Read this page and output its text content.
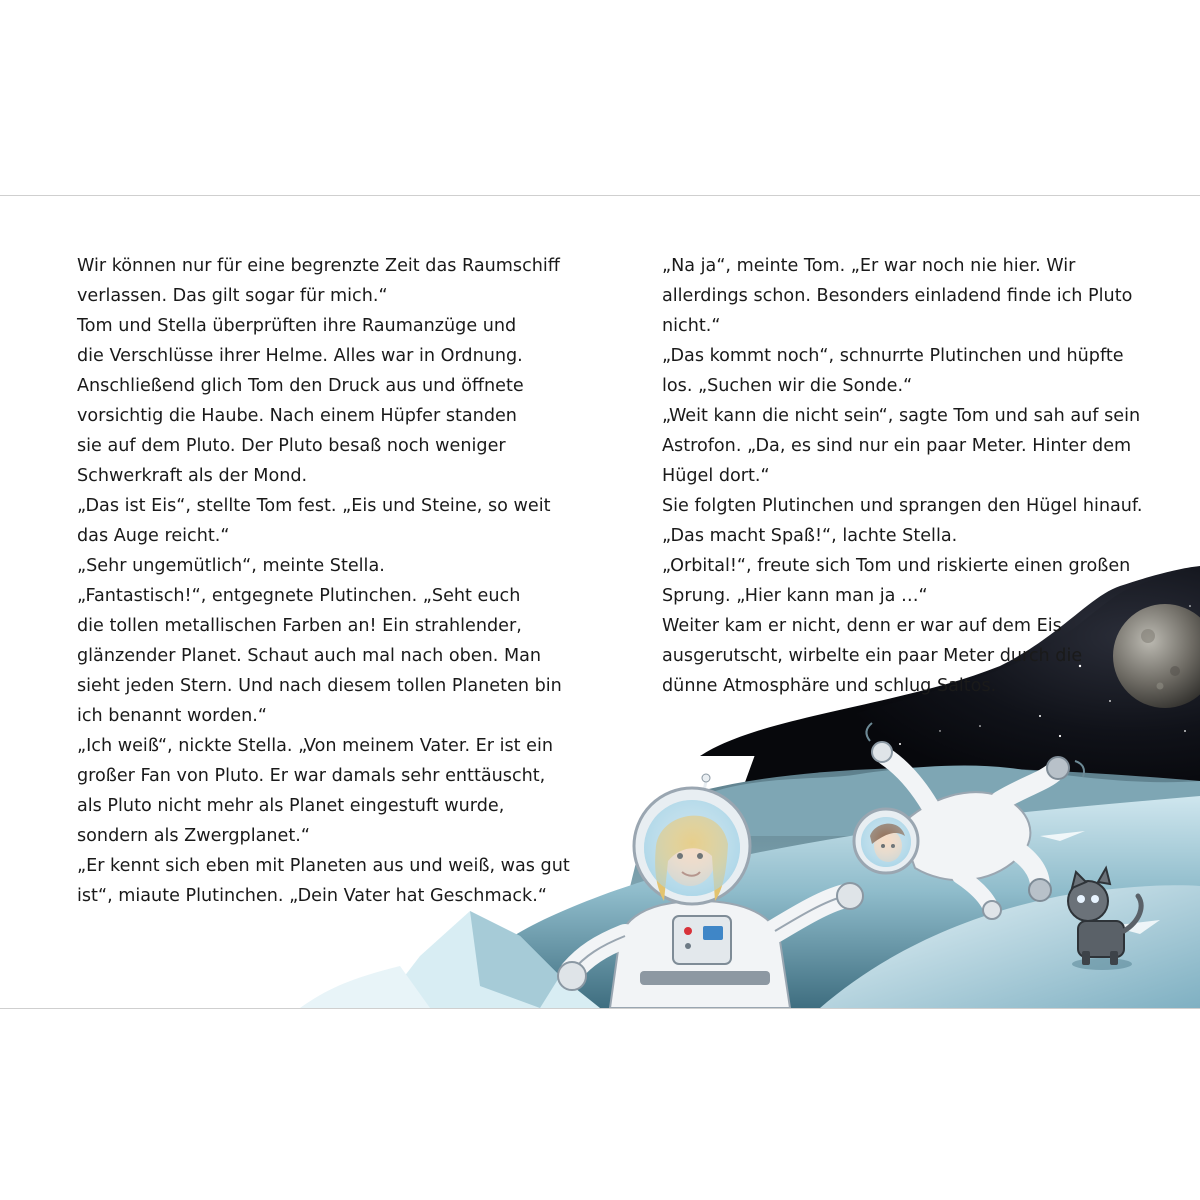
Wir können nur für eine begrenzte Zeit das Raumschiff
verlassen. Das gilt sogar für mich.“
Tom und Stella überprüften ihre Raumanzüge und
die Verschlüsse ihrer Helme. Alles war in Ordnung.
Anschließend glich Tom den Druck aus und öffnete
vorsichtig die Haube. Nach einem Hüpfer standen
sie auf dem Pluto. Der Pluto besaß noch weniger
Schwerkraft als der Mond.
„Das ist Eis“, stellte Tom fest. „Eis und Steine, so weit
das Auge reicht.“
„Sehr ungemütlich“, meinte Stella.
„Fantastisch!“, entgegnete Plutinchen. „Seht euch
die tollen metallischen Farben an! Ein strahlender,
glänzender Planet. Schaut auch mal nach oben. Man
sieht jeden Stern. Und nach diesem tollen Planeten bin
ich benannt worden.“
„Ich weiß“, nickte Stella. „Von meinem Vater. Er ist ein
großer Fan von Pluto. Er war damals sehr enttäuscht,
als Pluto nicht mehr als Planet eingestuft wurde,
sondern als Zwergplanet.“
„Er kennt sich eben mit Planeten aus und weiß, was gut
ist“, miaute Plutinchen. „Dein Vater hat Geschmack.“
„Na ja“, meinte Tom. „Er war noch nie hier. Wir
allerdings schon. Besonders einladend finde ich Pluto
nicht.“
„Das kommt noch“, schnurrte Plutinchen und hüpfte
los. „Suchen wir die Sonde.“
„Weit kann die nicht sein“, sagte Tom und sah auf sein
Astrofon. „Da, es sind nur ein paar Meter. Hinter dem
Hügel dort.“
Sie folgten Plutinchen und sprangen den Hügel hinauf.
„Das macht Spaß!“, lachte Stella.
„Orbital!“, freute sich Tom und riskierte einen großen
Sprung. „Hier kann man ja …“
Weiter kam er nicht, denn er war auf dem Eis
ausgerutscht, wirbelte ein paar Meter durch die
dünne Atmosphäre und schlug Saltos.
